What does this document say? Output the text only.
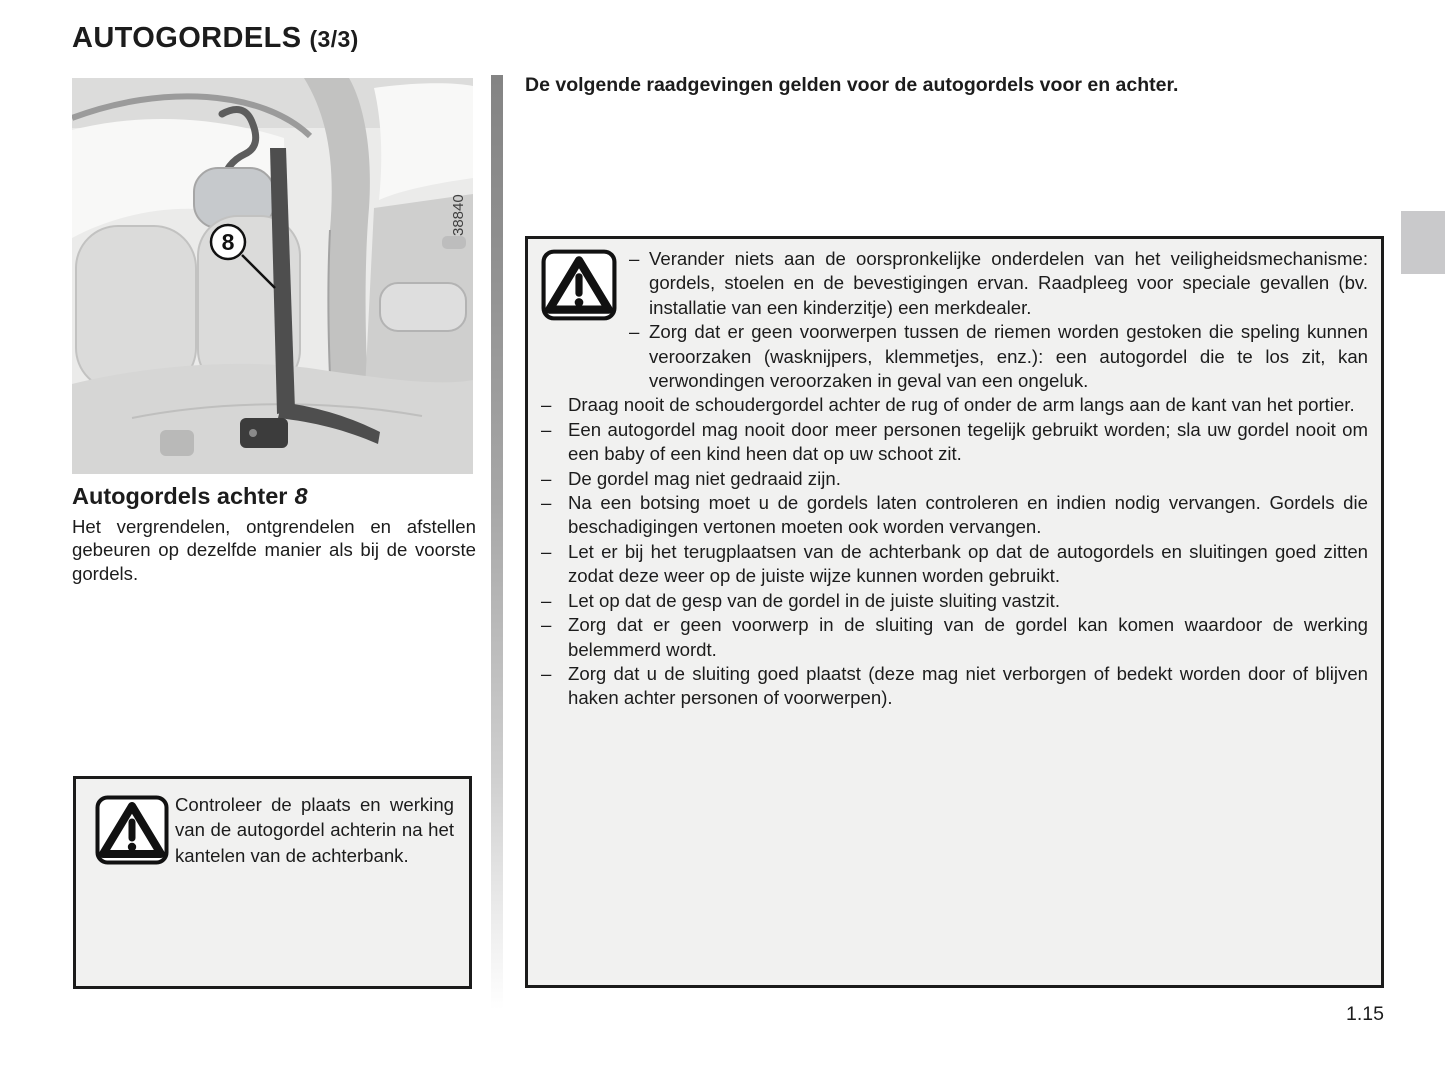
AUTOGORDELS (3/3)
8
38840
Autogordels achter 8
Het vergrendelen, ontgrendelen en afstellen gebeuren op dezelfde manier als bij de voorste gordels.
Controleer de plaats en werking van de autogordel achterin na het kantelen van de achterbank.
De volgende raadgevingen gelden voor de autogordels voor en achter.
– Verander niets aan de oorspronkelijke onderdelen van het veiligheidsmechanisme: gordels, stoelen en de bevestigingen ervan. Raadpleeg voor speciale gevallen (bv. installatie van een kinderzitje) een merkdealer.
– Zorg dat er geen voorwerpen tussen de riemen worden gestoken die speling kunnen veroorzaken (wasknijpers, klemmetjes, enz.): een autogordel die te los zit, kan verwondingen veroorzaken in geval van een ongeluk.
– Draag nooit de schoudergordel achter de rug of onder de arm langs aan de kant van het portier.
– Een autogordel mag nooit door meer personen tegelijk gebruikt worden; sla uw gordel nooit om een baby of een kind heen dat op uw schoot zit.
– De gordel mag niet gedraaid zijn.
– Na een botsing moet u de gordels laten controleren en indien nodig vervangen. Gordels die beschadigingen vertonen moeten ook worden vervangen.
– Let er bij het terugplaatsen van de achterbank op dat de autogordels en sluitingen goed zitten zodat deze weer op de juiste wijze kunnen worden gebruikt.
– Let op dat de gesp van de gordel in de juiste sluiting vastzit.
– Zorg dat er geen voorwerp in de sluiting van de gordel kan komen waardoor de werking belemmerd wordt.
– Zorg dat u de sluiting goed plaatst (deze mag niet verborgen of bedekt worden door of blijven haken achter personen of voorwerpen).
1.15
